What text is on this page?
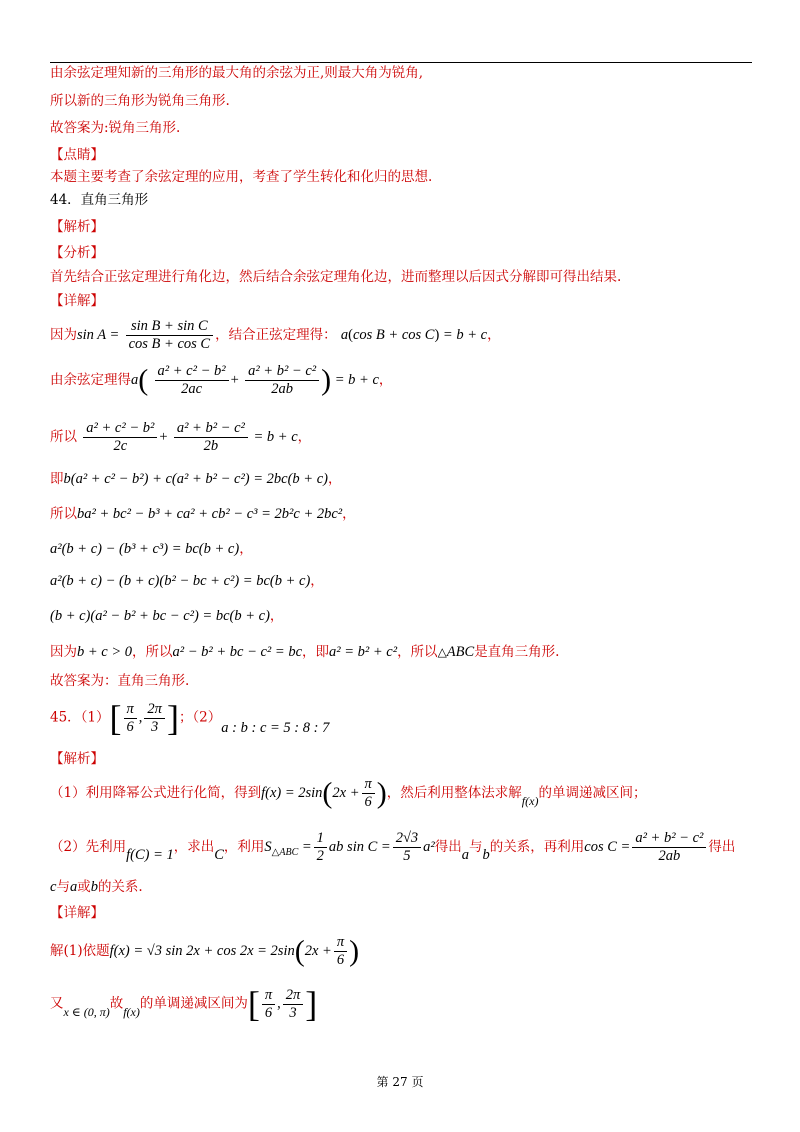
由余弦定理知新的三角形的最大角的余弦为正,则最大角为锐角,
所以新的三角形为锐角三角形.
故答案为:锐角三角形.
【点睛】
本题主要考查了余弦定理的应用，考查了学生转化和化归的思想.
44．直角三角形
【解析】
【分析】
首先结合正弦定理进行角化边，然后结合余弦定理角化边，进而整理以后因式分解即可得出结果.
【详解】
因为$\sin A = \frac{\text{sin B + sin C}}{\text{cos B + cos C}}$ ，结合正弦定理得： a(cos B + cos C) = b + c，
由余弦定理得$a( \frac{\text{a² + c² − b²}}{2ac} + \frac{\text{a² + b² − c²}}{2ab}$ ) = b + c，
所以 $\frac{\text{a² + c² − b²}}{2c} + \frac{\text{a² + b² − c²}}{2b} = b + c$，
即b(a² + c² − b²) + c(a² + b² − c²) = 2bc(b + c)，
所以ba² + bc² − b³ + ca² + cb² − c³ = 2b²c + 2bc²，
a²(b + c) − (b³ + c³) = bc(b + c)，
a²(b + c) − (b + c)(b² − bc + c²) = bc(b + c)，
(b + c)(a² − b² + bc − c²) = bc(b + c)，
因为b + c > 0，所以a² − b² + bc − c² = bc，即a² = b² + c²，所以△ABC是直角三角形.
故答案为：直角三角形.
45．$(1)[ \frac{\pi}{6}$ , $\frac{2\pi}{3}$ ]；（2）a : b : c = 5 : 8 : 7
【解析】
（1）利用降幂公式进行化简，得到$f(x) = 2\sin(2x + \frac{\pi}{6}$ )，然后利用整体法求解f(x)的单调递减区间；
（2）先利用f(C) = 1，求出C，利用$S_{\triangle ABC} = \frac{1}{2}$ ab $\sin C = \frac{2√3}{5} a^2$得出a与b的关系，再利用$\cos C = \frac{\text{a² + b² − c²}}{2ab}$ 得出
c与a或b的关系.
【详解】
解(1)依题f(x) = √3 $\sin 2x + \cos 2x = 2\sin(2x + \frac{\pi}{6}$ )
又x ∈ (0, π)故f(x)的单调递减区间为[ $\frac{\pi}{6}$ , $\frac{2\pi}{3}$ ]
第 27 页
